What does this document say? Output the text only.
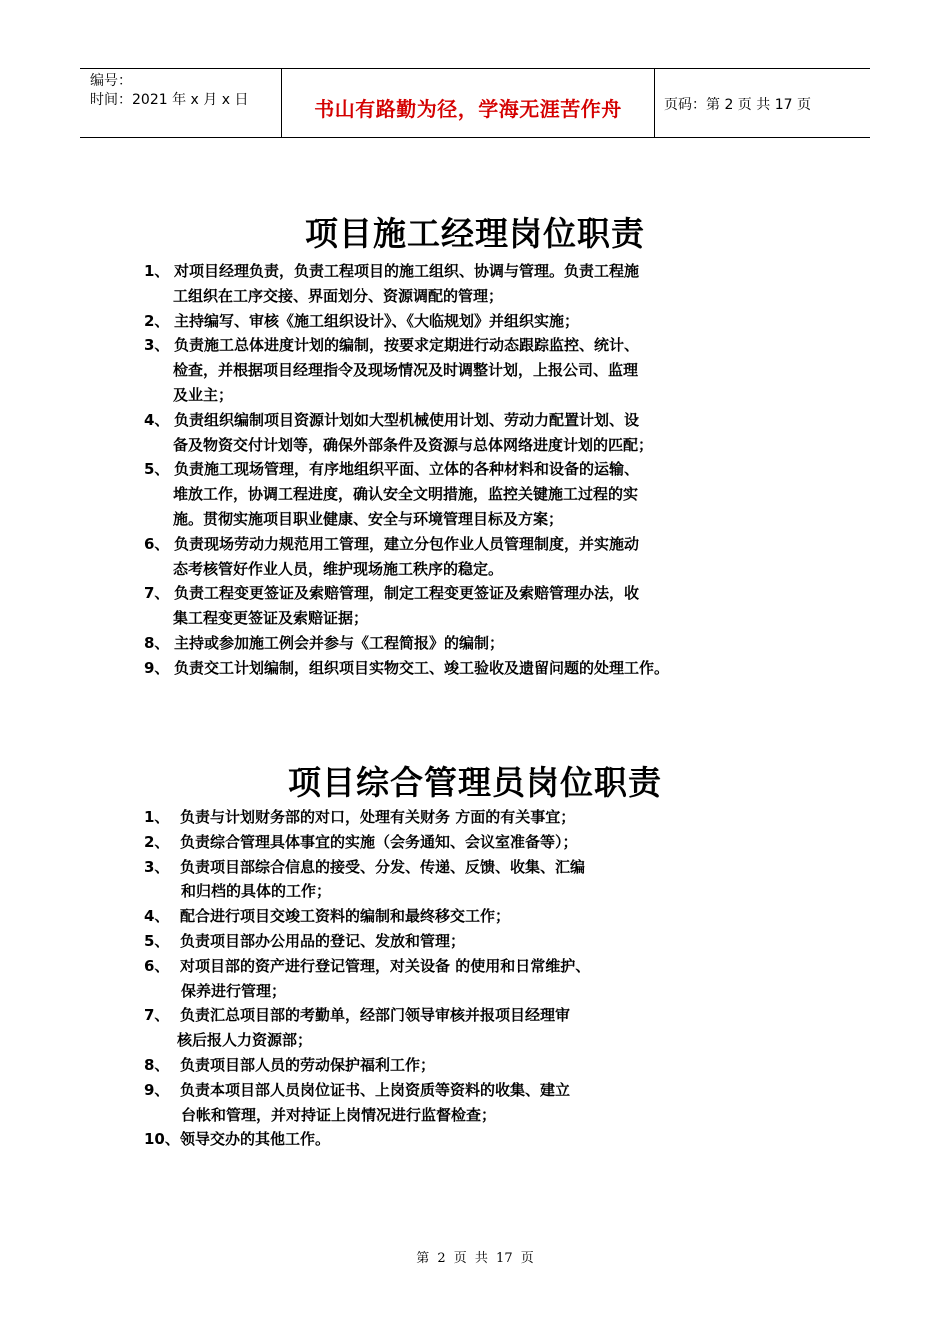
编号：
时间：2021 年 x 月 x 日	书山有路勤为径，学海无涯苦作舟	页码：第 2 页 共 17 页
项目施工经理岗位职责
1、 对项目经理负责，负责工程项目的施工组织、协调与管理。负责工程施
工组织在工序交接、界面划分、资源调配的管理；
2、 主持编写、审核《施工组织设计》、《大临规划》并组织实施；
3、 负责施工总体进度计划的编制，按要求定期进行动态跟踪监控、统计、
检查，并根据项目经理指令及现场情况及时调整计划，上报公司、监理
及业主；
4、 负责组织编制项目资源计划如大型机械使用计划、劳动力配置计划、设
备及物资交付计划等，确保外部条件及资源与总体网络进度计划的匹配；
5、 负责施工现场管理，有序地组织平面、立体的各种材料和设备的运输、
堆放工作，协调工程进度，确认安全文明措施，监控关键施工过程的实
施。贯彻实施项目职业健康、安全与环境管理目标及方案；
6、 负责现场劳动力规范用工管理，建立分包作业人员管理制度，并实施动
态考核管好作业人员，维护现场施工秩序的稳定。
7、 负责工程变更签证及索赔管理，制定工程变更签证及索赔管理办法，收
集工程变更签证及索赔证据；
8、 主持或参加施工例会并参与《工程简报》的编制；
9、 负责交工计划编制，组织项目实物交工、竣工验收及遗留问题的处理工作。
项目综合管理员岗位职责
1、 负责与计划财务部的对口，处理有关财务 方面的有关事宜；
2、 负责综合管理具体事宜的实施（会务通知、会议室准备等）；
3、 负责项目部综合信息的接受、分发、传递、反馈、收集、汇编
和归档的具体的工作；
4、 配合进行项目交竣工资料的编制和最终移交工作；
5、 负责项目部办公用品的登记、发放和管理；
6、 对项目部的资产进行登记管理，对关设备 的使用和日常维护、
保养进行管理；
7、 负责汇总项目部的考勤单，经部门领导审核并报项目经理审
核后报人力资源部；
8、 负责项目部人员的劳动保护福利工作；
9、 负责本项目部人员岗位证书、上岗资质等资料的收集、建立
台帐和管理，并对持证上岗情况进行监督检查；
10、领导交办的其他工作。
第 2 页 共 17 页
